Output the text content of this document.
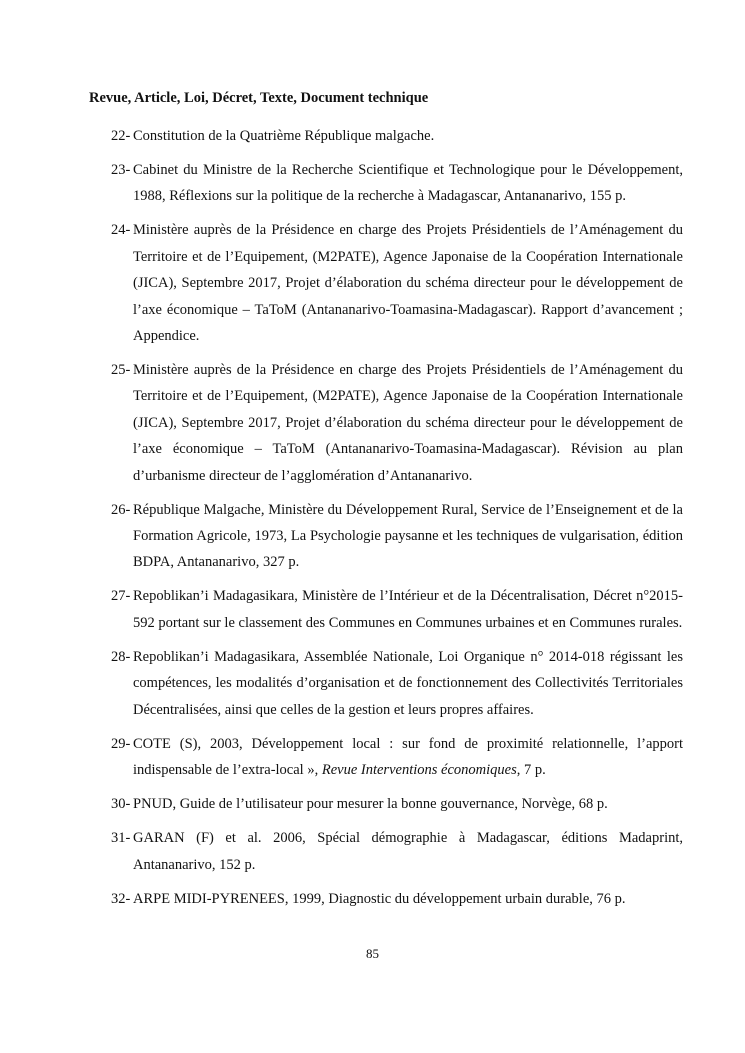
Revue, Article, Loi, Décret, Texte, Document technique
22- Constitution de la Quatrième République malgache.
23- Cabinet du Ministre de la Recherche Scientifique et Technologique pour le Développement, 1988, Réflexions sur la politique de la recherche à Madagascar, Antananarivo, 155 p.
24- Ministère auprès de la Présidence en charge des Projets Présidentiels de l’Aménagement du Territoire et de l’Equipement, (M2PATE), Agence Japonaise de la Coopération Internationale (JICA), Septembre 2017, Projet d’élaboration du schéma directeur pour le développement de l’axe économique – TaToM (Antananarivo-Toamasina-Madagascar). Rapport d’avancement ; Appendice.
25- Ministère auprès de la Présidence en charge des Projets Présidentiels de l’Aménagement du Territoire et de l’Equipement, (M2PATE), Agence Japonaise de la Coopération Internationale (JICA), Septembre 2017, Projet d’élaboration du schéma directeur pour le développement de l’axe économique – TaToM (Antananarivo-Toamasina-Madagascar). Révision au plan d’urbanisme directeur de l’agglomération d’Antananarivo.
26- République Malgache, Ministère du Développement Rural, Service de l’Enseignement et de la Formation Agricole, 1973, La Psychologie paysanne et les techniques de vulgarisation, édition BDPA, Antananarivo, 327 p.
27- Repoblikan’i Madagasikara, Ministère de l’Intérieur et de la Décentralisation, Décret n°2015-592 portant sur le classement des Communes en Communes urbaines et en Communes rurales.
28- Repoblikan’i Madagasikara, Assemblée Nationale, Loi Organique n° 2014-018 régissant les compétences, les modalités d’organisation et de fonctionnement des Collectivités Territoriales Décentralisées, ainsi que celles de la gestion et leurs propres affaires.
29- COTE (S), 2003, Développement local : sur fond de proximité relationnelle, l’apport indispensable de l’extra-local », Revue Interventions économiques, 7 p.
30- PNUD, Guide de l’utilisateur pour mesurer la bonne gouvernance, Norvège, 68 p.
31- GARAN (F) et al. 2006, Spécial démographie à Madagascar, éditions Madaprint, Antananarivo, 152 p.
32- ARPE MIDI-PYRENEES, 1999, Diagnostic du développement urbain durable, 76 p.
85
